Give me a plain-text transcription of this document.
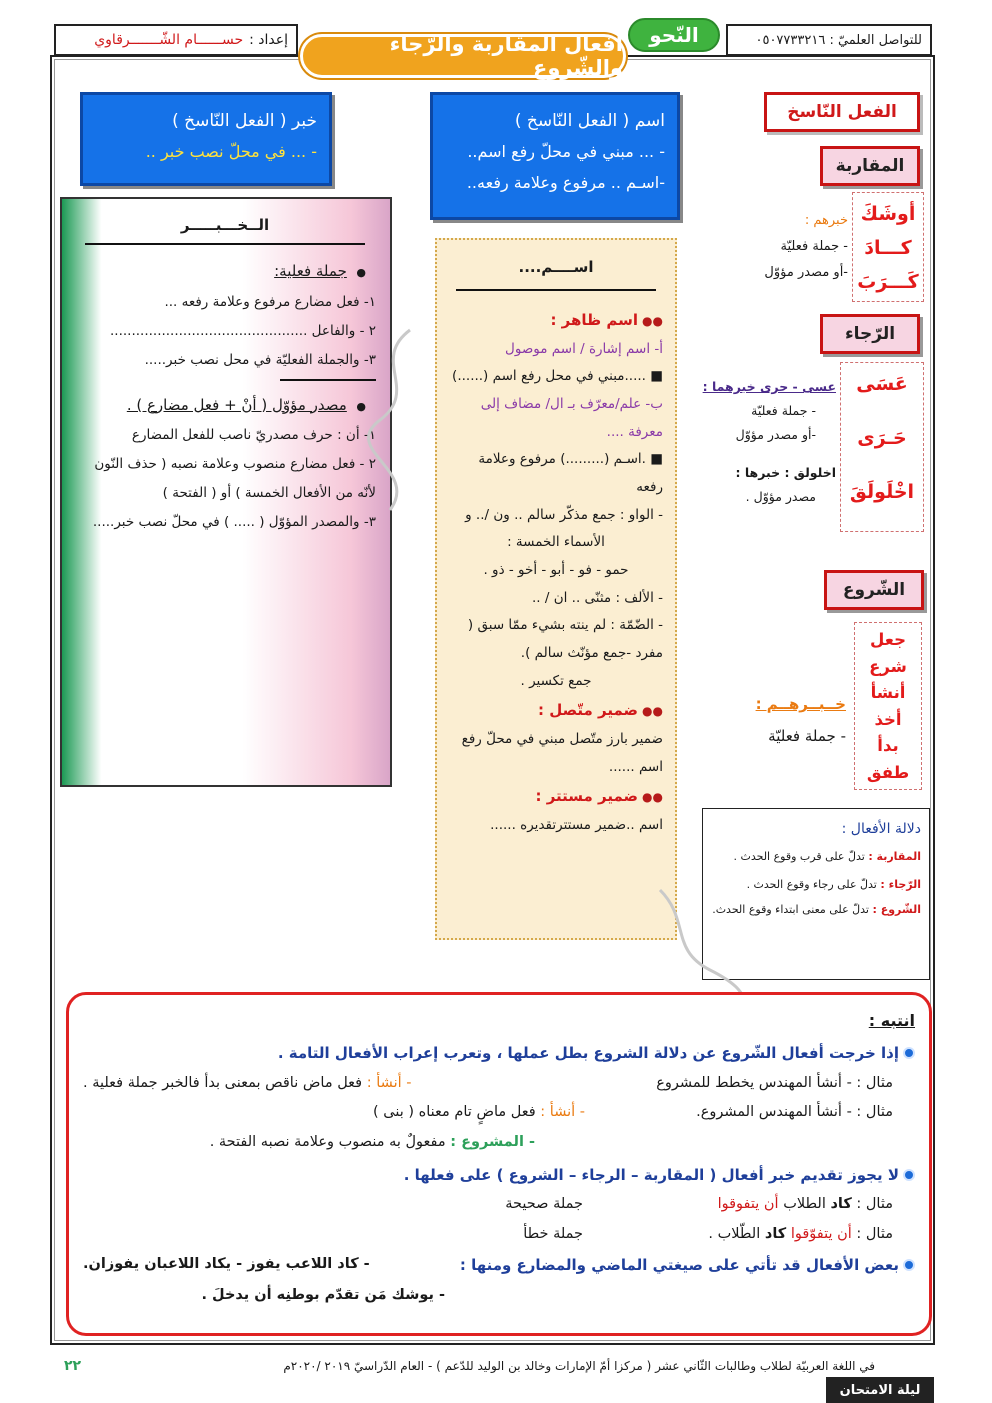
إعداد :
حســــــام الشّـــــــرقاوي	النّحو	للتواصل العلميّ : ٠٥٠٧٧٣٣٢١٦
أفعال المقاربة والرّجاء والشّروع
الفعل النّاسخ
المقاربة
أوشَكَ
كـــادَ
كَـــرَبَ
خبرهم :
- جملة فعليّة
-أو مصدر مؤوّل
الرّجاء
عَسَى
حَـرَى
اخْلَولَقَ
عسى - حرى خبرهما :
- جملة فعليّة
-أو مصدر مؤوّل
اخلولق : خبرها :
مصدر مؤوّل .
الشّروع
جعل
شرع
أنشأ
أخذ
بدأ
طفق
خــبــرهــم :
- جملة فعليّة
اسم ( الفعل النّاسخ )
- ... مبني في محلّ رفع اسم..
-اسـم .. مرفوع وعلامة رفعه..
خبر ( الفعل النّاسخ )
- ... في محلّ نصب خبر ..
اســــم....
●●اسم ظاهر :
أ- اسم إشارة / اسم موصول
■ .....مبني في محل رفع اسم (......)
ب- علم/معرّف بـ ال/ مضاف إلى معرفة ....
■ .اسـم (.........) مرفوع وعلامة رفعه
- الواو : جمع مذكّر سالم .. ون /.. و
الأسماء الخمسة :
حمو - فو - أبو - أخو - ذو .
- الألف : مثنّى .. ان / ..
- الضّمّة : لم ينته بشيء ممّا سبق ( مفرد -جمع مؤنّث سالم ).
جمع تكسير .
●●ضمير متّصل :
ضمير بارز متّصل مبني في محلّ رفع اسم ......
●●ضمير مستتر :
اسم ..ضمير مستترتقديره ......
الــخـــبـــــر
●  جملة فعلية:
١- فعل مضارع مرفوع وعلامة رفعه ...
٢ - والفاعل ..............................................
٣- والجملة الفعليّة في محل نصب خبر.....
●  مصدر مؤوّل ( أنْ + فعل مضارع ) .
١- أن : حرف مصدريّ ناصب للفعل المضارع
٢ - فعل مضارع منصوب وعلامة نصبه ( حذف النّون لأنّه من الأفعال الخمسة ) أو ( الفتحة )
٣- والمصدر المؤوّل ( ..... ) في محلّ نصب خبر.....
دلالة الأفعال :
المقاربة : تدلّ على قرب وقوع الحدث .
الرّجاء : تدلّ على رجاء وقوع الحدث .
الشّروع : تدلّ على معنى ابتداء وقوع الحدث.
انتبه :
إذا خرجت أفعال الشّروع عن دلالة الشروع بطل عملها ، وتعرب إعراب الأفعال التامة .
مثال : - أنشأ المهندس يخطط للمشروع
- أنشأ : فعل ماض ناقص بمعنى بدأ فالخبر جملة فعلية .
مثال : - أنشأ المهندس المشروع.
- أنشأ : فعل ماضٍ تام معناه ( بنى )
- المشروع : مفعولٌ به منصوب وعلامة نصبه الفتحة .
لا يجوز تقديم خبر أفعال ( المقاربة – الرجاء – الشروع ) على فعلها .
مثال : كاد الطلاب أن يتفوقوا
جملة صحيحة
مثال : أن يتفوّقوا كاد الطّلاب .
جملة خطأ
بعض الأفعال قد تأتي على صيغتي الماضي والمضارع ومنها :
- كاد اللاعب يفوز - يكاد اللاعبان يفوزان.
- يوشك مَن تقدّم بوطنِه أن يدخلَ .
في اللغة العربيّة لطلاب وطالبات الثّاني عشر ( مركزا أمّ الإمارات وخالد بن الوليد للدّعم ) - العام الدّراسيّ ٢٠١٩ /٢٠٢٠م
٢٢
ليلة الامتحان
